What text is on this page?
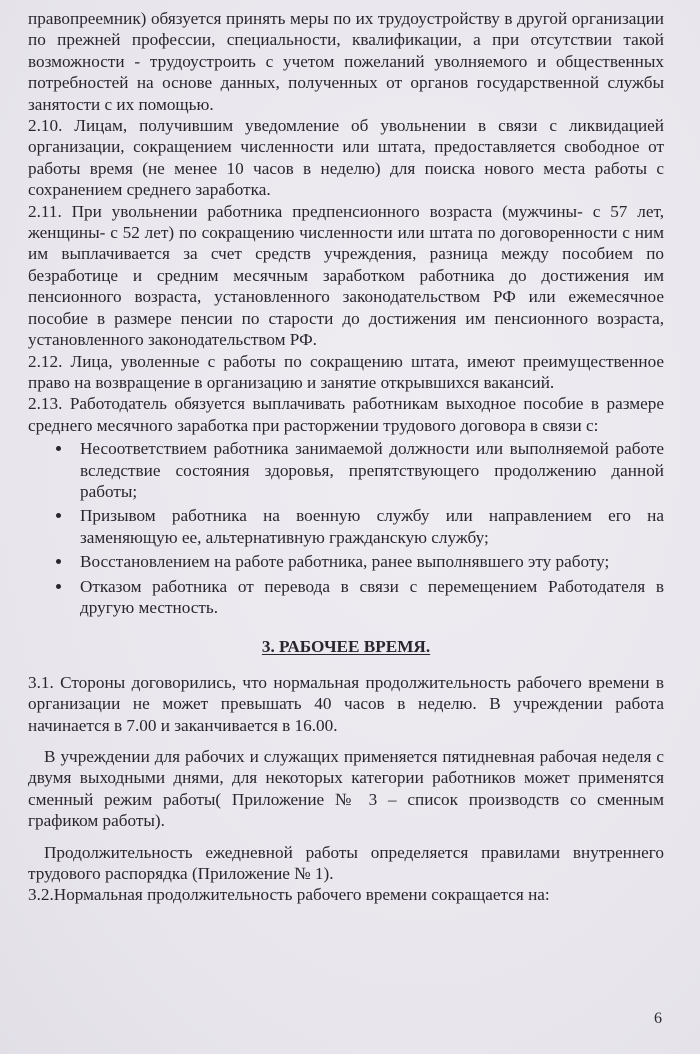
правопреемник) обязуется принять меры по их трудоустройству в другой организации по прежней профессии, специальности, квалификации, а при отсутствии такой возможности - трудоустроить с учетом пожеланий уволняемого и общественных потребностей на основе данных, полученных от органов государственной службы занятости с их помощью.

2.10. Лицам, получившим уведомление об увольнении в связи с ликвидацией организации, сокращением численности или штата, предоставляется свободное от работы время (не менее 10 часов в неделю) для поиска нового места работы с сохранением среднего заработка.

2.11. При увольнении работника предпенсионного возраста (мужчины- с 57 лет, женщины- с 52 лет) по сокращению численности или штата по договоренности с ним им выплачивается за счет средств учреждения, разница между пособием по безработице и средним месячным заработком работника до достижения им пенсионного возраста, установленного законодательством РФ или ежемесячное пособие в размере пенсии по старости до достижения им пенсионного возраста, установленного законодательством РФ.

2.12. Лица, уволенные с работы по сокращению штата, имеют преимущественное право на возвращение в организацию и занятие открывшихся вакансий.

2.13. Работодатель обязуется выплачивать работникам выходное пособие в размере среднего месячного заработка при расторжении трудового договора в связи с:

Несоответствием работника занимаемой должности или выполняемой работе вследствие состояния здоровья, препятствующего продолжению данной работы;
Призывом работника на военную службу или направлением его на заменяющую ее, альтернативную гражданскую службу;
Восстановлением на работе работника, ранее выполнявшего эту работу;
Отказом работника от перевода в связи с перемещением Работодателя в другую местность.
3. РАБОЧЕЕ ВРЕМЯ.

3.1. Стороны договорились, что нормальная продолжительность рабочего времени в организации не может превышать 40 часов в неделю. В учреждении работа начинается в 7.00 и заканчивается в 16.00.

В учреждении для рабочих и служащих применяется пятидневная рабочая неделя с двумя выходными днями, для некоторых категории работников может применятся сменный режим работы( Приложение № 3 – список производств со сменным графиком работы).

Продолжительность ежедневной работы определяется правилами внутреннего трудового распорядка (Приложение № 1).

3.2.Нормальная продолжительность рабочего времени сокращается на:

6
